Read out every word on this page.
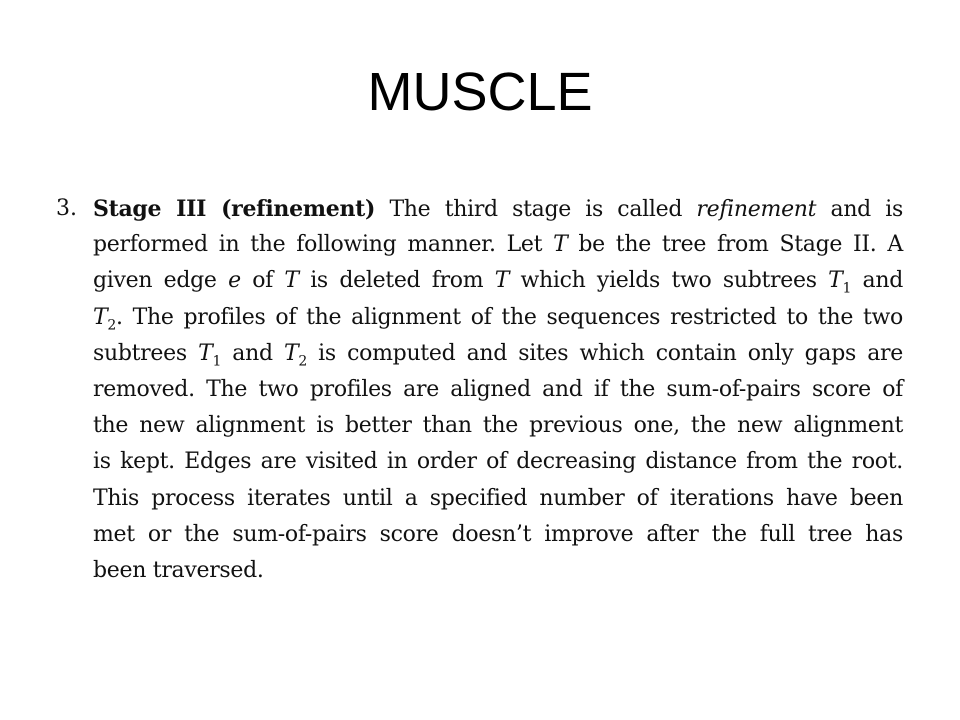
MUSCLE
3. Stage III (refinement) The third stage is called refinement and is
performed in the following manner. Let T be the tree from Stage II. A
given edge e of T is deleted from T which yields two subtrees $T_1$ and
$T_2$. The profiles of the alignment of the sequences restricted to the two
subtrees $T_1$ and $T_2$ is computed and sites which contain only gaps are
removed. The two profiles are aligned and if the sum-of-pairs score of
the new alignment is better than the previous one, the new alignment
is kept. Edges are visited in order of decreasing distance from the root.
This process iterates until a specified number of iterations have been
met or the sum-of-pairs score doesn’t improve after the full tree has
been traversed.
